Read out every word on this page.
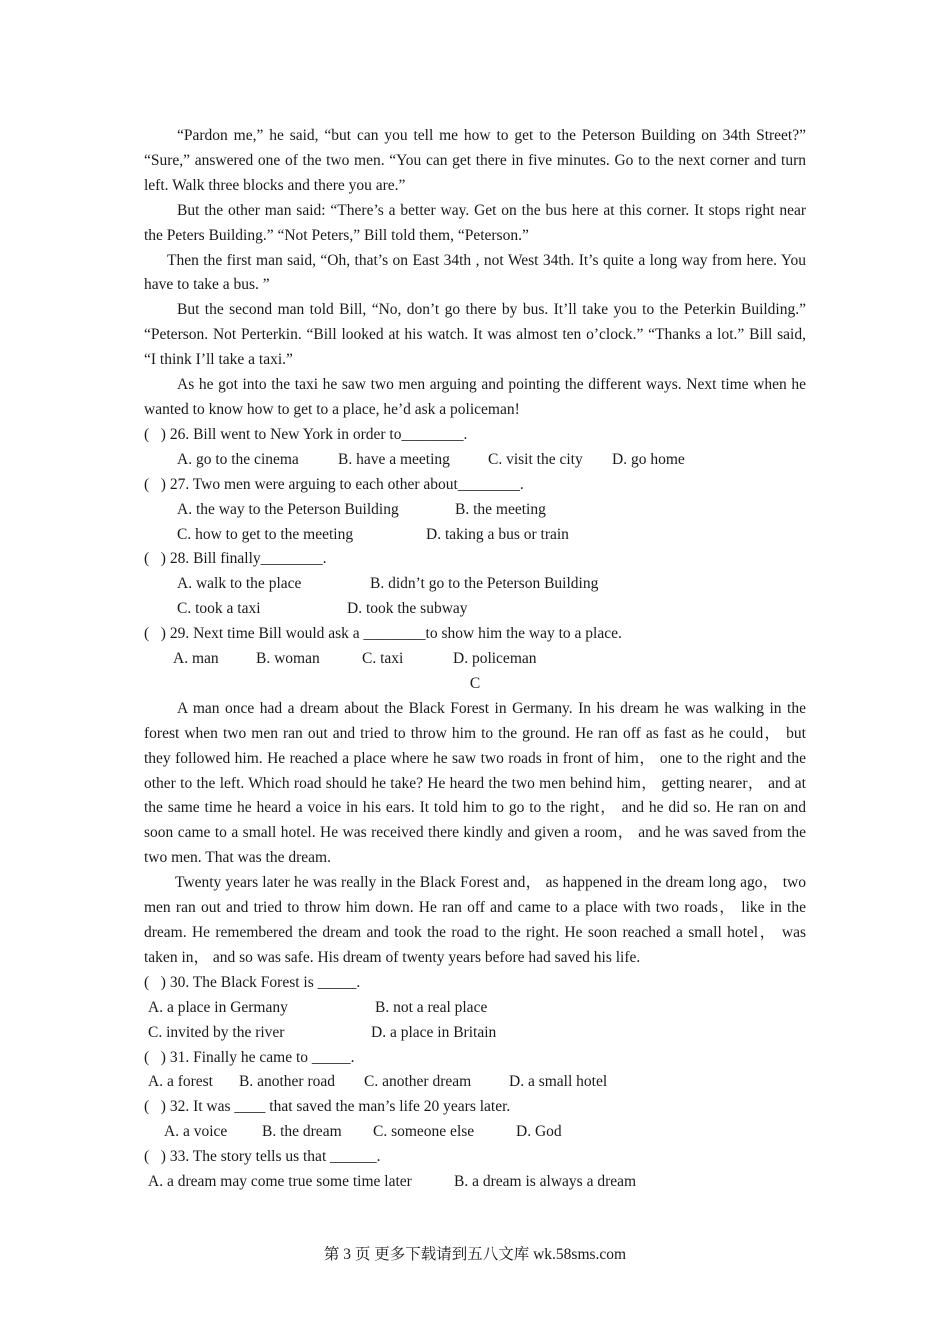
“Pardon me,” he said, “but can you tell me how to get to the Peterson Building on 34th Street?” “Sure,” answered one of the two men. “You can get there in five minutes. Go to the next corner and turn left. Walk three blocks and there you are.”

But the other man said: “There’s a better way. Get on the bus here at this corner. It stops right near the Peters Building.” “Not Peters,” Bill told them, “Peterson.”

Then the first man said, “Oh, that’s on East 34th , not West 34th. It’s quite a long way from here. You have to take a bus. ”

But the second man told Bill, “No, don’t go there by bus. It’ll take you to the Peterkin Building.” “Peterson. Not Perterkin. “Bill looked at his watch. It was almost ten o’clock.” “Thanks a lot.” Bill said, “I think I’ll take a taxi.”

As he got into the taxi he saw two men arguing and pointing the different ways. Next time when he wanted to know how to get to a place, he’d ask a policeman!

(   ) 26. Bill went to New York in order to________.

A. go to the cinema	B. have a meeting C. visit the city D. go home

(   ) 27. Two men were arguing to each other about________.

A. the way to the Peterson Building	B. the meeting

C. how to get to the meeting	D. taking a bus or train

(   ) 28. Bill finally________.

A. walk to the place	B. didn’t go to the Peterson Building

C. took a taxi	D. took the subway

(   ) 29. Next time Bill would ask a ________to show him the way to a place.

A. man B. woman	C. taxi	D. policeman

C

A man once had a dream about the Black Forest in Germany. In his dream he was walking in the forest when two men ran out and tried to throw him to the ground. He ran off as fast as he could， but they followed him. He reached a place where he saw two roads in front of him， one to the right and the other to the left. Which road should he take? He heard the two men behind him， getting nearer， and at the same time he heard a voice in his ears. It told him to go to the right， and he did so. He ran on and soon came to a small hotel. He was received there kindly and given a room， and he was saved from the two men. That was the dream.

Twenty years later he was really in the Black Forest and， as happened in the dream long ago， two men ran out and tried to throw him down. He ran off and came to a place with two roads， like in the dream. He remembered the dream and took the road to the right. He soon reached a small hotel， was taken in， and so was safe. His dream of twenty years before had saved his life.

(   ) 30. The Black Forest is _____.

A. a place in Germany	B. not a real place

C. invited by the river	D. a place in Britain

(   ) 31. Finally he came to _____.

A. a forest B. another road C. another dream D. a small hotel

(   ) 32. It was ____ that saved the man’s life 20 years later.

A. a voice B. the dream C. someone else	D. God

(   ) 33. The story tells us that ______.

A. a dream may come true some time later	B. a dream is always a dream

第 3 页 更多下载请到五八文库 wk.58sms.com
